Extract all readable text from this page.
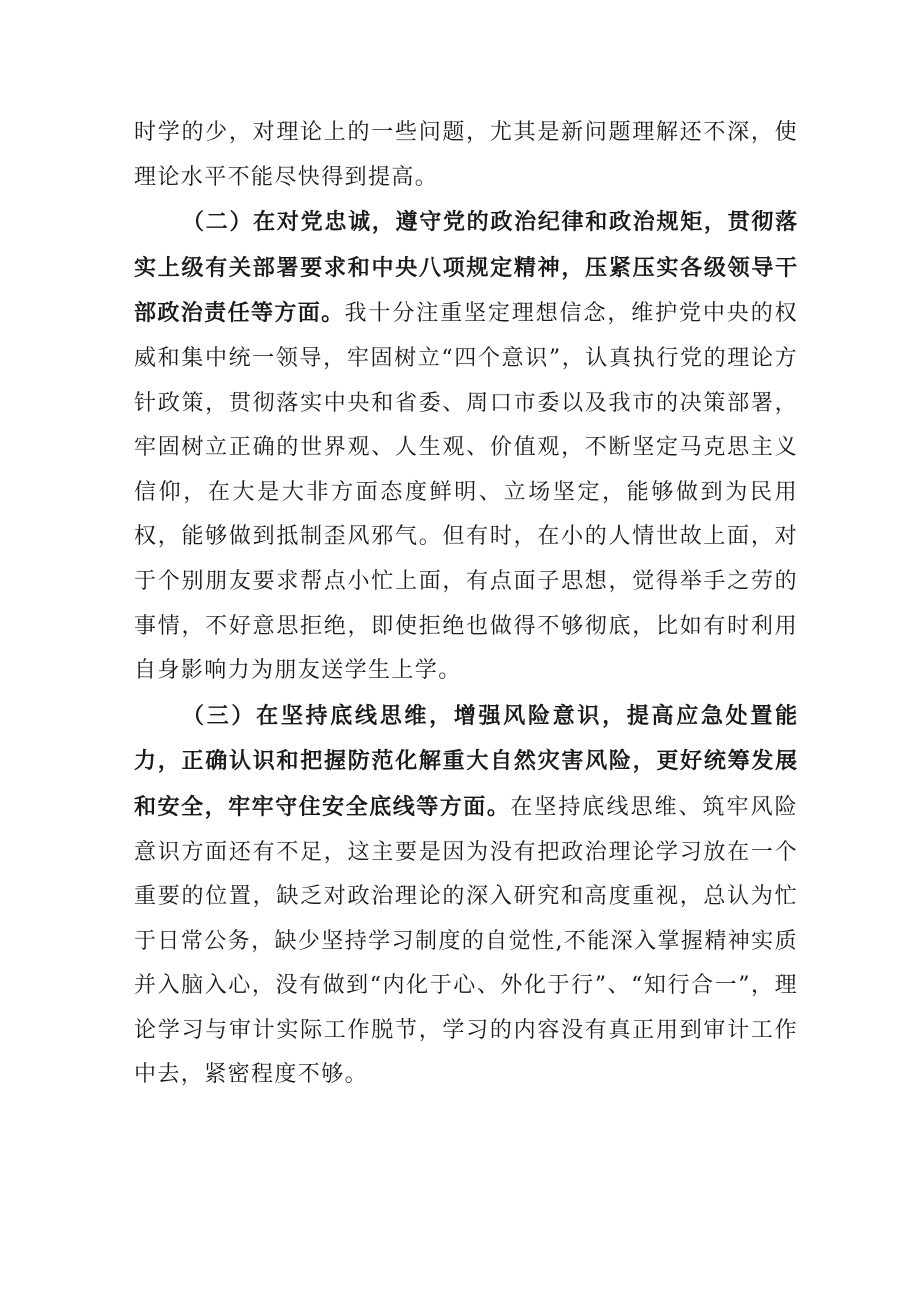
时学的少，对理论上的一些问题，尤其是新问题理解还不深，使理论水平不能尽快得到提高。

（二）在对党忠诚，遵守党的政治纪律和政治规矩，贯彻落实上级有关部署要求和中央八项规定精神，压紧压实各级领导干部政治责任等方面。我十分注重坚定理想信念，维护党中央的权威和集中统一领导，牢固树立“四个意识”，认真执行党的理论方针政策，贯彻落实中央和省委、周口市委以及我市的决策部署，牢固树立正确的世界观、人生观、价值观，不断坚定马克思主义信仰，在大是大非方面态度鲜明、立场坚定，能够做到为民用权，能够做到抵制歪风邪气。但有时，在小的人情世故上面，对于个别朋友要求帮点小忙上面，有点面子思想，觉得举手之劳的事情，不好意思拒绝，即使拒绝也做得不够彻底，比如有时利用自身影响力为朋友送学生上学。

（三）在坚持底线思维，增强风险意识，提高应急处置能力，正确认识和把握防范化解重大自然灾害风险，更好统筹发展和安全，牢牢守住安全底线等方面。在坚持底线思维、筑牢风险意识方面还有不足，这主要是因为没有把政治理论学习放在一个重要的位置，缺乏对政治理论的深入研究和高度重视，总认为忙于日常公务，缺少坚持学习制度的自觉性,不能深入掌握精神实质并入脑入心，没有做到“内化于心、外化于行”、“知行合一”，理论学习与审计实际工作脱节，学习的内容没有真正用到审计工作中去，紧密程度不够。
